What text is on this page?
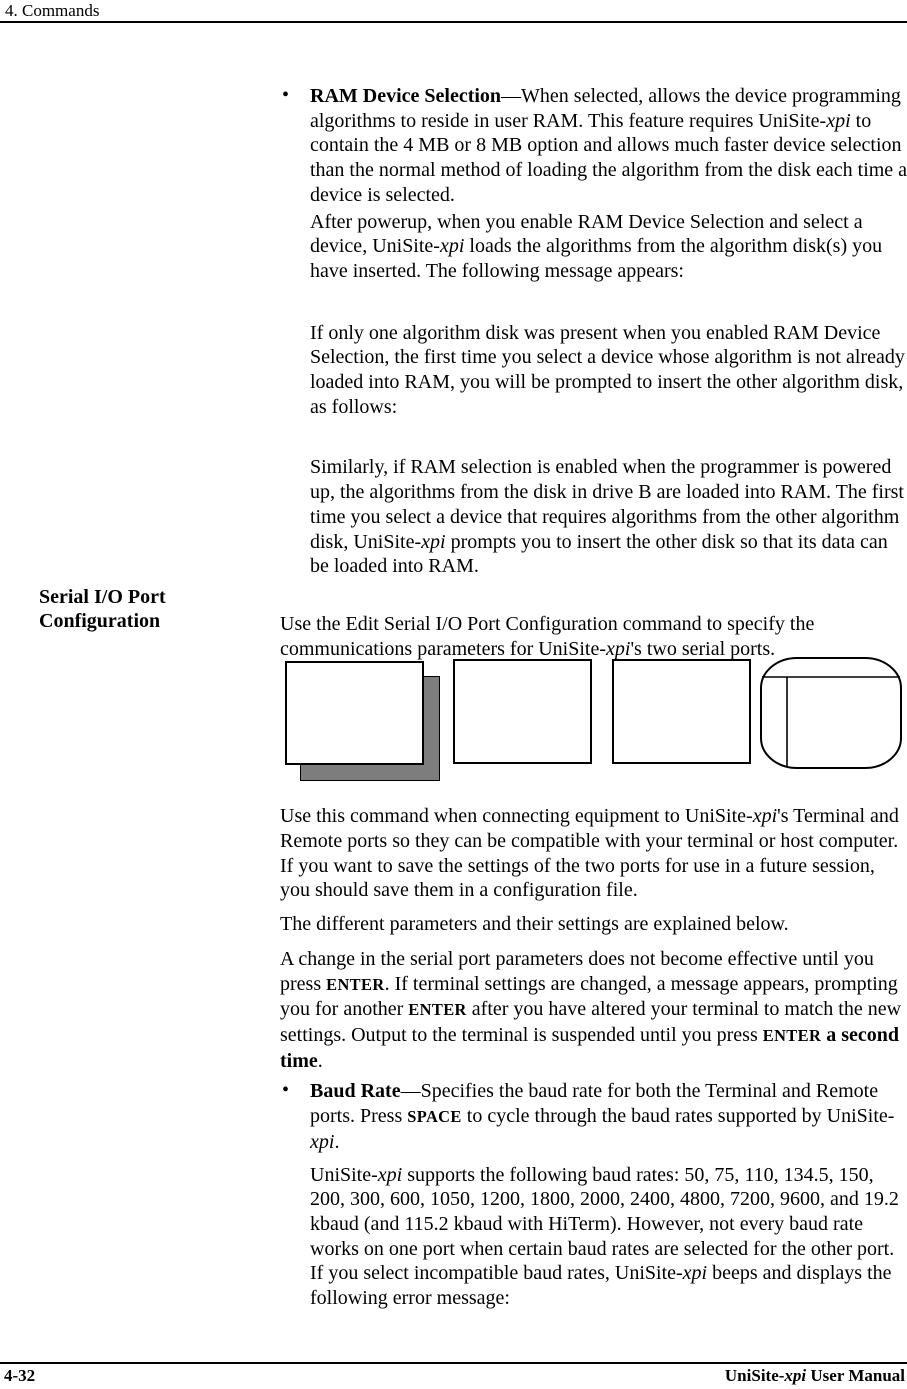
4. Commands
• RAM Device Selection—When selected, allows the device programming algorithms to reside in user RAM. This feature requires UniSite-xpi to contain the 4 MB or 8 MB option and allows much faster device selection than the normal method of loading the algorithm from the disk each time a device is selected.

After powerup, when you enable RAM Device Selection and select a device, UniSite-xpi loads the algorithms from the algorithm disk(s) you have inserted. The following message appears:

If only one algorithm disk was present when you enabled RAM Device Selection, the first time you select a device whose algorithm is not already loaded into RAM, you will be prompted to insert the other algorithm disk, as follows:

Similarly, if RAM selection is enabled when the programmer is powered up, the algorithms from the disk in drive B are loaded into RAM. The first time you select a device that requires algorithms from the other algorithm disk, UniSite-xpi prompts you to insert the other disk so that its data can be loaded into RAM.

Serial I/O Port Configuration	Use the Edit Serial I/O Port Configuration command to specify the communications parameters for UniSite-xpi's two serial ports.

Use this command when connecting equipment to UniSite-xpi's Terminal and Remote ports so they can be compatible with your terminal or host computer. If you want to save the settings of the two ports for use in a future session, you should save them in a configuration file.

The different parameters and their settings are explained below.

A change in the serial port parameters does not become effective until you press ENTER. If terminal settings are changed, a message appears, prompting you for another ENTER after you have altered your terminal to match the new settings. Output to the terminal is suspended until you press ENTER a second time.

• Baud Rate—Specifies the baud rate for both the Terminal and Remote ports. Press SPACE to cycle through the baud rates supported by UniSite-xpi.

UniSite-xpi supports the following baud rates: 50, 75, 110, 134.5, 150, 200, 300, 600, 1050, 1200, 1800, 2000, 2400, 4800, 7200, 9600, and 19.2 kbaud (and 115.2 kbaud with HiTerm). However, not every baud rate works on one port when certain baud rates are selected for the other port. If you select incompatible baud rates, UniSite-xpi beeps and displays the following error message:

4-32	UniSite-xpi User Manual
